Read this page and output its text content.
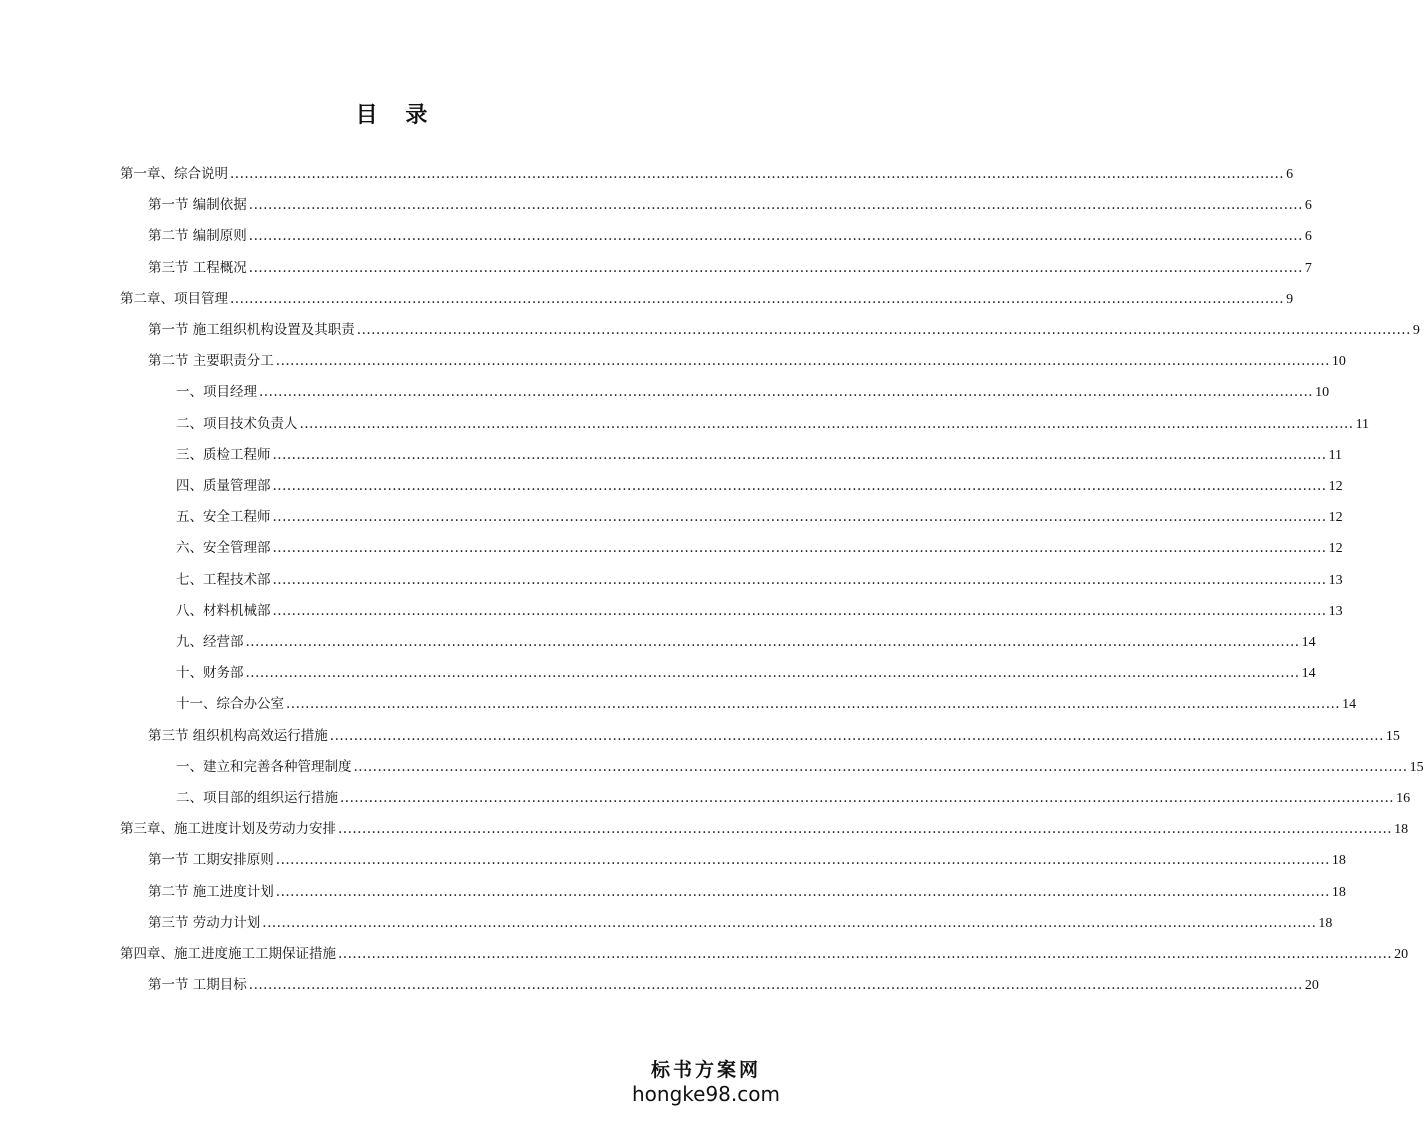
目 录
第一章、综合说明 ............................................................................................................................................................................................................................ 6
第一节 编制依据 ............................................................................................................................................................................................................................ 6
第二节 编制原则 ............................................................................................................................................................................................................................ 6
第三节 工程概况 ............................................................................................................................................................................................................................ 7
第二章、项目管理 ............................................................................................................................................................................................................................ 9
第一节 施工组织机构设置及其职责 ............................................................................................................................................................................................................................ 9
第二节 主要职责分工 ............................................................................................................................................................................................................................ 10
一、项目经理 ............................................................................................................................................................................................................................ 10
二、项目技术负责人 ............................................................................................................................................................................................................................ 11
三、质检工程师 ............................................................................................................................................................................................................................ 11
四、质量管理部 ............................................................................................................................................................................................................................ 12
五、安全工程师 ............................................................................................................................................................................................................................ 12
六、安全管理部 ............................................................................................................................................................................................................................ 12
七、工程技术部 ............................................................................................................................................................................................................................ 13
八、材料机械部 ............................................................................................................................................................................................................................ 13
九、经营部 ............................................................................................................................................................................................................................ 14
十、财务部 ............................................................................................................................................................................................................................ 14
十一、综合办公室 ............................................................................................................................................................................................................................ 14
第三节 组织机构高效运行措施 ............................................................................................................................................................................................................................ 15
一、建立和完善各种管理制度 ............................................................................................................................................................................................................................ 15
二、项目部的组织运行措施 ............................................................................................................................................................................................................................ 16
第三章、施工进度计划及劳动力安排 ............................................................................................................................................................................................................................ 18
第一节 工期安排原则 ............................................................................................................................................................................................................................ 18
第二节 施工进度计划 ............................................................................................................................................................................................................................ 18
第三节 劳动力计划 ............................................................................................................................................................................................................................ 18
第四章、施工进度施工工期保证措施 ............................................................................................................................................................................................................................ 20
第一节 工期目标 ............................................................................................................................................................................................................................ 20
标书方案网
hongke98.com
